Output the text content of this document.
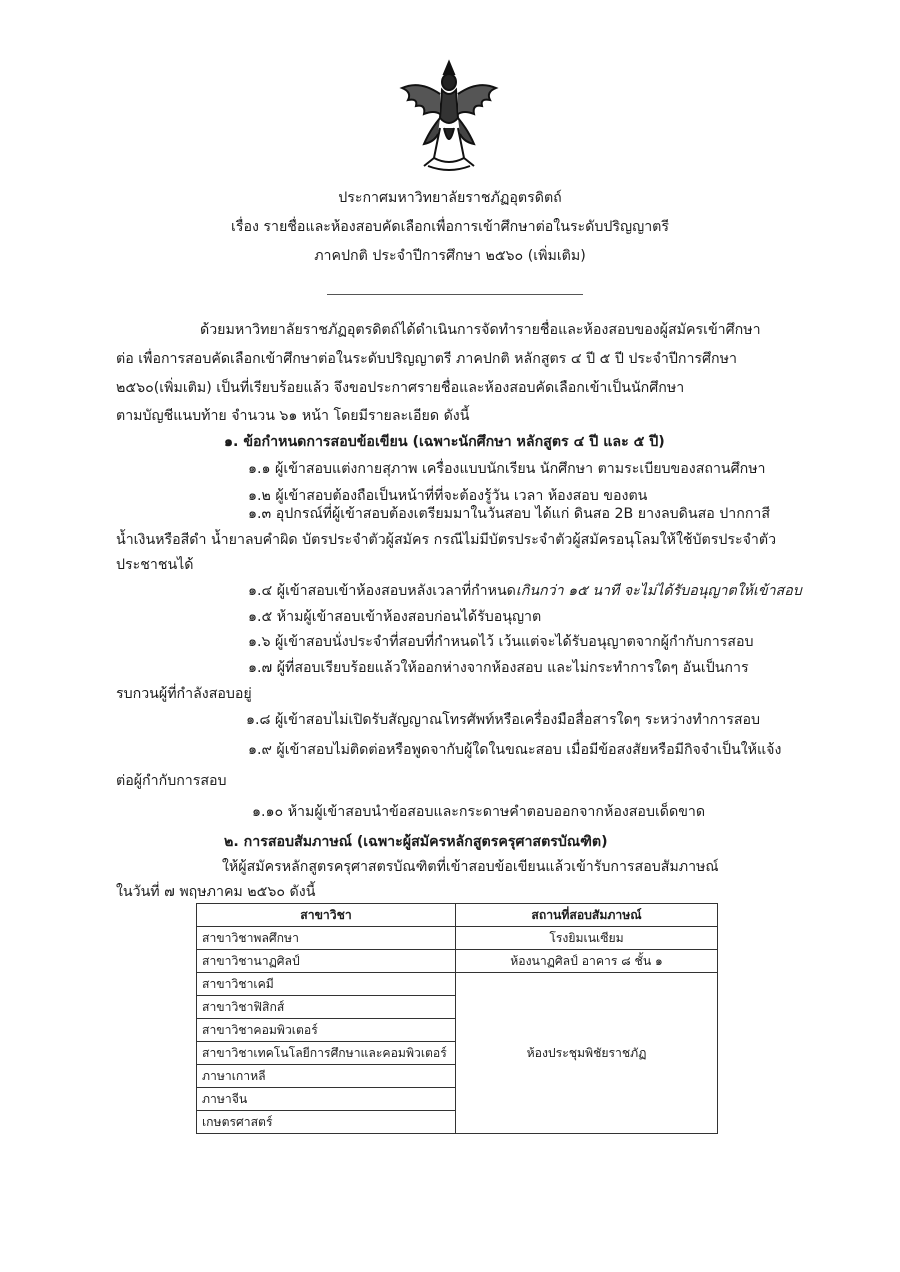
ประกาศมหาวิทยาลัยราชภัฏอุตรดิตถ์
เรื่อง รายชื่อและห้องสอบคัดเลือกเพื่อการเข้าศึกษาต่อในระดับปริญญาตรี
ภาคปกติ ประจำปีการศึกษา ๒๕๖๐ (เพิ่มเติม)
ด้วยมหาวิทยาลัยราชภัฏอุตรดิตถ์ได้ดำเนินการจัดทำรายชื่อและห้องสอบของผู้สมัครเข้าศึกษา
ต่อ เพื่อการสอบคัดเลือกเข้าศึกษาต่อในระดับปริญญาตรี ภาคปกติ หลักสูตร ๔ ปี ๕ ปี ประจำปีการศึกษา
๒๕๖๐(เพิ่มเติม) เป็นที่เรียบร้อยแล้ว จึงขอประกาศรายชื่อและห้องสอบคัดเลือกเข้าเป็นนักศึกษา
ตามบัญชีแนบท้าย จำนวน ๖๑ หน้า โดยมีรายละเอียด ดังนี้
๑. ข้อกำหนดการสอบข้อเขียน (เฉพาะนักศึกษา หลักสูตร ๔ ปี และ ๕ ปี)
๑.๑ ผู้เข้าสอบแต่งกายสุภาพ เครื่องแบบนักเรียน นักศึกษา ตามระเบียบของสถานศึกษา
๑.๒ ผู้เข้าสอบต้องถือเป็นหน้าที่ที่จะต้องรู้วัน เวลา ห้องสอบ ของตน
๑.๓ อุปกรณ์ที่ผู้เข้าสอบต้องเตรียมมาในวันสอบ ได้แก่ ดินสอ 2B ยางลบดินสอ ปากกาสี
น้ำเงินหรือสีดำ น้ำยาลบคำผิด บัตรประจำตัวผู้สมัคร กรณีไม่มีบัตรประจำตัวผู้สมัครอนุโลมให้ใช้บัตรประจำตัว
ประชาชนได้
๑.๔ ผู้เข้าสอบเข้าห้องสอบหลังเวลาที่กำหนดเกินกว่า ๑๕ นาที จะไม่ได้รับอนุญาตให้เข้าสอบ
๑.๕ ห้ามผู้เข้าสอบเข้าห้องสอบก่อนได้รับอนุญาต
๑.๖ ผู้เข้าสอบนั่งประจำที่สอบที่กำหนดไว้ เว้นแต่จะได้รับอนุญาตจากผู้กำกับการสอบ
๑.๗ ผู้ที่สอบเรียบร้อยแล้วให้ออกห่างจากห้องสอบ และไม่กระทำการใดๆ อันเป็นการ
รบกวนผู้ที่กำลังสอบอยู่
๑.๘ ผู้เข้าสอบไม่เปิดรับสัญญาณโทรศัพท์หรือเครื่องมือสื่อสารใดๆ ระหว่างทำการสอบ
๑.๙ ผู้เข้าสอบไม่ติดต่อหรือพูดจากับผู้ใดในขณะสอบ เมื่อมีข้อสงสัยหรือมีกิจจำเป็นให้แจ้ง
ต่อผู้กำกับการสอบ
๑.๑๐ ห้ามผู้เข้าสอบนำข้อสอบและกระดาษคำตอบออกจากห้องสอบเด็ดขาด
๒. การสอบสัมภาษณ์ (เฉพาะผู้สมัครหลักสูตรครุศาสตรบัณฑิต)
ให้ผู้สมัครหลักสูตรครุศาสตรบัณฑิตที่เข้าสอบข้อเขียนแล้วเข้ารับการสอบสัมภาษณ์
ในวันที่ ๗ พฤษภาคม ๒๕๖๐ ดังนี้
สาขาวิชา	สถานที่สอบสัมภาษณ์
สาขาวิชาพลศึกษา	โรงยิมเนเซียม
สาขาวิชานาฏศิลป์	ห้องนาฏศิลป์ อาคาร ๘ ชั้น ๑
สาขาวิชาเคมี	ห้องประชุมพิชัยราชภัฏ
สาขาวิชาฟิสิกส์	
สาขาวิชาคอมพิวเตอร์	
สาขาวิชาเทคโนโลยีการศึกษาและคอมพิวเตอร์	
ภาษาเกาหลี	
ภาษาจีน	
เกษตรศาสตร์	
